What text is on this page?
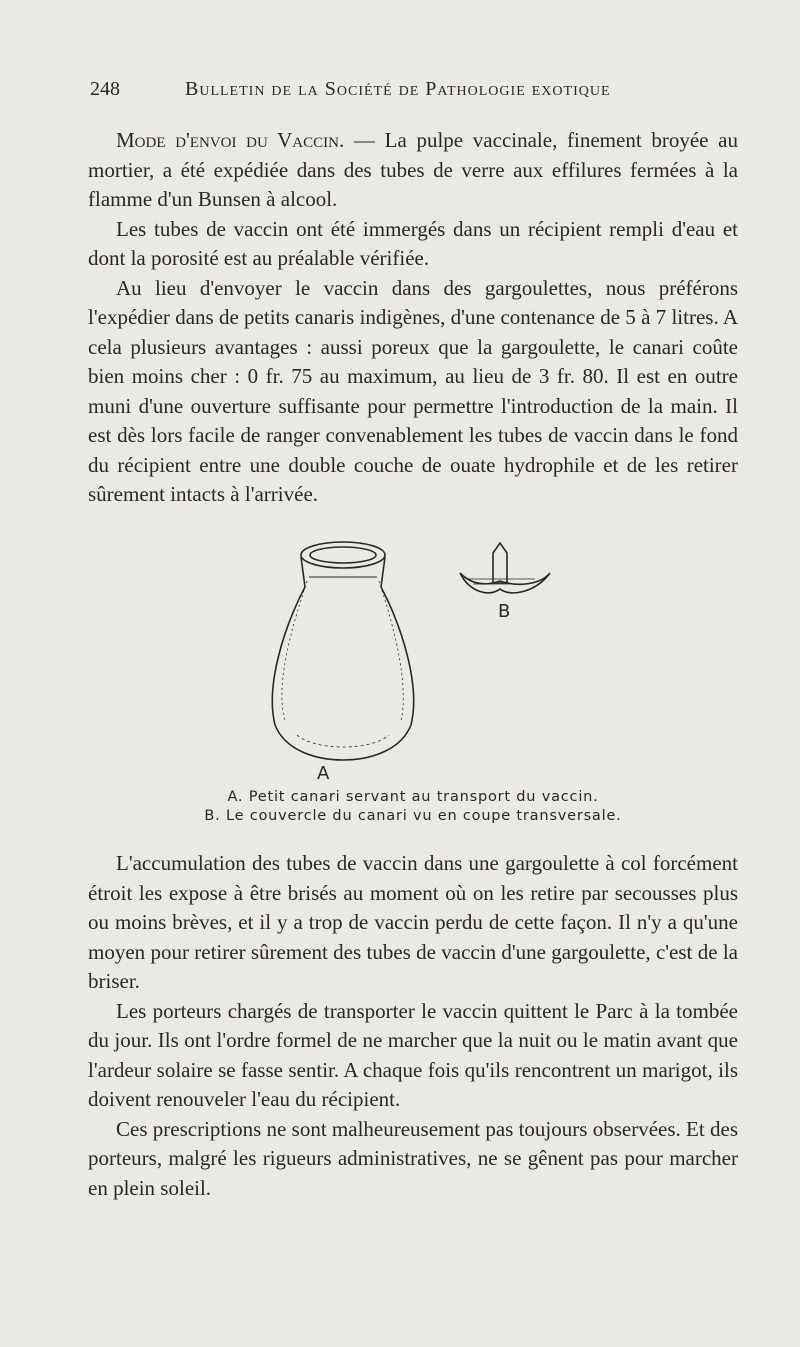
248	Bulletin de la Société de Pathologie exotique

Mode d'envoi du Vaccin. — La pulpe vaccinale, finement broyée au mortier, a été expédiée dans des tubes de verre aux effilures fermées à la flamme d'un Bunsen à alcool.

Les tubes de vaccin ont été immergés dans un récipient rempli d'eau et dont la porosité est au préalable vérifiée.

Au lieu d'envoyer le vaccin dans des gargoulettes, nous préférons l'expédier dans de petits canaris indigènes, d'une contenance de 5 à 7 litres. A cela plusieurs avantages : aussi poreux que la gargoulette, le canari coûte bien moins cher : 0 fr. 75 au maximum, au lieu de 3 fr. 80. Il est en outre muni d'une ouverture suffisante pour permettre l'introduction de la main. Il est dès lors facile de ranger convenablement les tubes de vaccin dans le fond du récipient entre une double couche de ouate hydrophile et de les retirer sûrement intacts à l'arrivée.

A
B
A. Petit canari servant au transport du vaccin.
B. Le couvercle du canari vu en coupe transversale.

L'accumulation des tubes de vaccin dans une gargoulette à col forcément étroit les expose à être brisés au moment où on les retire par secousses plus ou moins brèves, et il y a trop de vaccin perdu de cette façon. Il n'y a qu'une moyen pour retirer sûrement des tubes de vaccin d'une gargoulette, c'est de la briser.

Les porteurs chargés de transporter le vaccin quittent le Parc à la tombée du jour. Ils ont l'ordre formel de ne marcher que la nuit ou le matin avant que l'ardeur solaire se fasse sentir. A chaque fois qu'ils rencontrent un marigot, ils doivent renouveler l'eau du récipient.

Ces prescriptions ne sont malheureusement pas toujours observées. Et des porteurs, malgré les rigueurs administratives, ne se gênent pas pour marcher en plein soleil.
